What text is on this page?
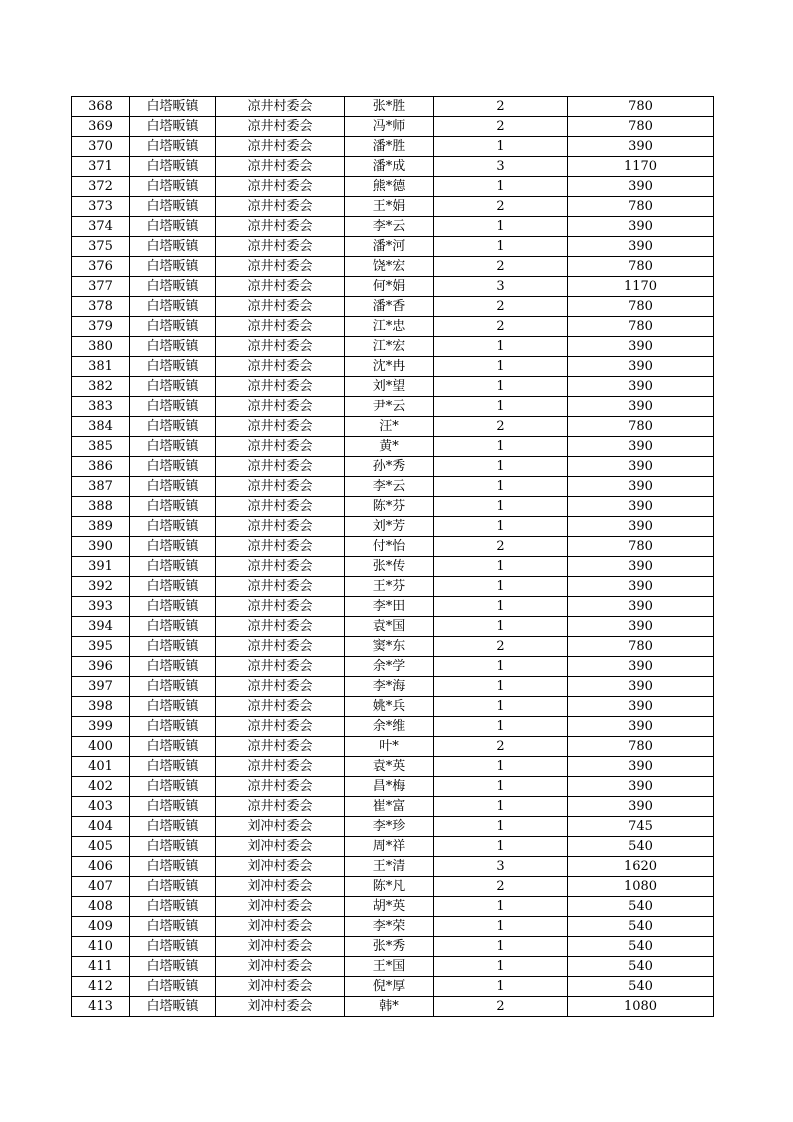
368	白塔畈镇	凉井村委会	张*胜	2	780
369	白塔畈镇	凉井村委会	冯*师	2	780
370	白塔畈镇	凉井村委会	潘*胜	1	390
371	白塔畈镇	凉井村委会	潘*成	3	1170
372	白塔畈镇	凉井村委会	熊*德	1	390
373	白塔畈镇	凉井村委会	王*娟	2	780
374	白塔畈镇	凉井村委会	李*云	1	390
375	白塔畈镇	凉井村委会	潘*河	1	390
376	白塔畈镇	凉井村委会	饶*宏	2	780
377	白塔畈镇	凉井村委会	何*娟	3	1170
378	白塔畈镇	凉井村委会	潘*香	2	780
379	白塔畈镇	凉井村委会	江*忠	2	780
380	白塔畈镇	凉井村委会	江*宏	1	390
381	白塔畈镇	凉井村委会	沈*冉	1	390
382	白塔畈镇	凉井村委会	刘*望	1	390
383	白塔畈镇	凉井村委会	尹*云	1	390
384	白塔畈镇	凉井村委会	汪*	2	780
385	白塔畈镇	凉井村委会	黄*	1	390
386	白塔畈镇	凉井村委会	孙*秀	1	390
387	白塔畈镇	凉井村委会	李*云	1	390
388	白塔畈镇	凉井村委会	陈*芬	1	390
389	白塔畈镇	凉井村委会	刘*芳	1	390
390	白塔畈镇	凉井村委会	付*怡	2	780
391	白塔畈镇	凉井村委会	张*传	1	390
392	白塔畈镇	凉井村委会	王*芬	1	390
393	白塔畈镇	凉井村委会	李*田	1	390
394	白塔畈镇	凉井村委会	袁*国	1	390
395	白塔畈镇	凉井村委会	窦*东	2	780
396	白塔畈镇	凉井村委会	余*学	1	390
397	白塔畈镇	凉井村委会	李*海	1	390
398	白塔畈镇	凉井村委会	姚*兵	1	390
399	白塔畈镇	凉井村委会	余*维	1	390
400	白塔畈镇	凉井村委会	叶*	2	780
401	白塔畈镇	凉井村委会	袁*英	1	390
402	白塔畈镇	凉井村委会	昌*梅	1	390
403	白塔畈镇	凉井村委会	崔*富	1	390
404	白塔畈镇	刘冲村委会	李*珍	1	745
405	白塔畈镇	刘冲村委会	周*祥	1	540
406	白塔畈镇	刘冲村委会	王*清	3	1620
407	白塔畈镇	刘冲村委会	陈*凡	2	1080
408	白塔畈镇	刘冲村委会	胡*英	1	540
409	白塔畈镇	刘冲村委会	李*荣	1	540
410	白塔畈镇	刘冲村委会	张*秀	1	540
411	白塔畈镇	刘冲村委会	王*国	1	540
412	白塔畈镇	刘冲村委会	倪*厚	1	540
413	白塔畈镇	刘冲村委会	韩*	2	1080
